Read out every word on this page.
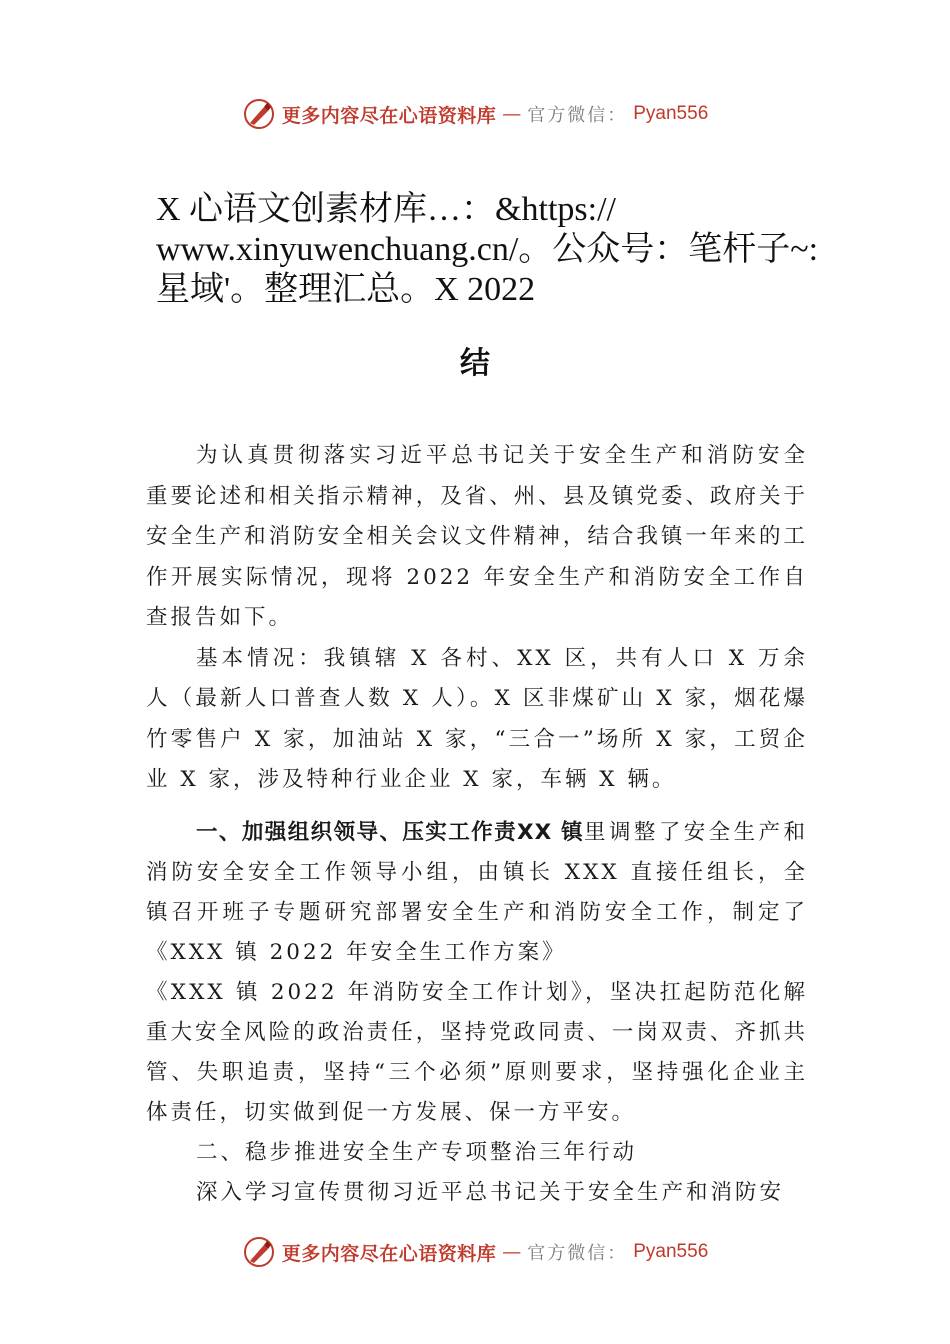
更多内容尽在心语资料库 — 官方微信： Pyan556
X 心语文创素材库…：&https:// www.xinyuwenchuang.cn/。公众号：笔杆子~: 星域'。整理汇总。X 2022
结

为认真贯彻落实习近平总书记关于安全生产和消防安全重要论述和相关指示精神，及省、州、县及镇党委、政府关于安全生产和消防安全相关会议文件精神，结合我镇一年来的工作开展实际情况，现将 2022 年安全生产和消防安全工作自查报告如下。

基本情况：我镇辖 X 各村、XX 区，共有人口 X 万余人（最新人口普查人数 X 人）。X 区非煤矿山 X 家，烟花爆竹零售户 X 家，加油站 X 家，“三合一”场所 X 家，工贸企业 X 家，涉及特种行业企业 X 家，车辆 X 辆。

一、加强组织领导、压实工作责XX 镇里调整了安全生产和消防安全安全工作领导小组，由镇长 XXX 直接任组长，全镇召开班子专题研究部署安全生产和消防安全工作，制定了《XXX 镇 2022 年安全生工作方案》

《XXX 镇 2022 年消防安全工作计划》，坚决扛起防范化解重大安全风险的政治责任，坚持党政同责、一岗双责、齐抓共管、失职追责，坚持“三个必须”原则要求，坚持强化企业主体责任，切实做到促一方发展、保一方平安。

二、稳步推进安全生产专项整治三年行动

深入学习宣传贯彻习近平总书记关于安全生产和消防安

更多内容尽在心语资料库 — 官方微信： Pyan556
